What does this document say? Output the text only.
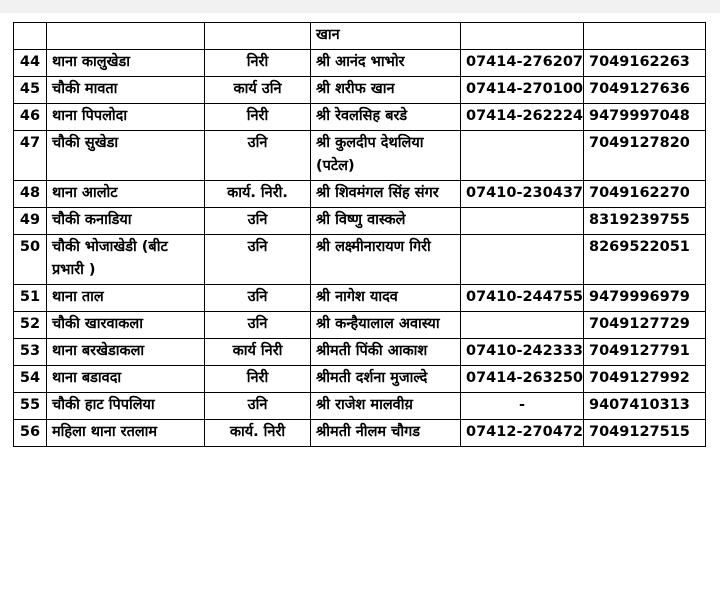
			खान		
44	थाना कालुखेडा	निरी	श्री आनंद भाभोर	07414-276207	7049162263
45	चौकी मावता	कार्य उनि	श्री शरीफ खान	07414-270100	7049127636
46	थाना पिपलोदा	निरी	श्री रेवलसिह बरडे	07414-262224	9479997048
47	चौकी सुखेडा	उनि	श्री कुलदीप देथलिया (पटेल)		7049127820
48	थाना आलोट	कार्य. निरी.	श्री शिवमंगल सिंह संगर	07410-230437	7049162270
49	चौकी कनाडिया	उनि	श्री विष्णु वास्कले		8319239755
50	चौकी भोजाखेडी (बीट प्रभारी )	उनि	श्री लक्ष्मीनारायण गिरी		8269522051
51	थाना ताल	उनि	श्री नागेश यादव	07410-244755	9479996979
52	चौकी खारवाकला	उनि	श्री कन्हैयालाल अवास्या		7049127729
53	थाना बरखेडाकला	कार्य निरी	श्रीमती पिंकी आकाश	07410-242333	7049127791
54	थाना बडावदा	निरी	श्रीमती दर्शना मुजाल्दे	07414-263250	7049127992
55	चौकी हाट पिपलिया	उनि	श्री राजेश मालवीय़	-	9407410313
56	महिला थाना रतलाम	कार्य. निरी	श्रीमती नीलम चौगड	07412-270472	7049127515
